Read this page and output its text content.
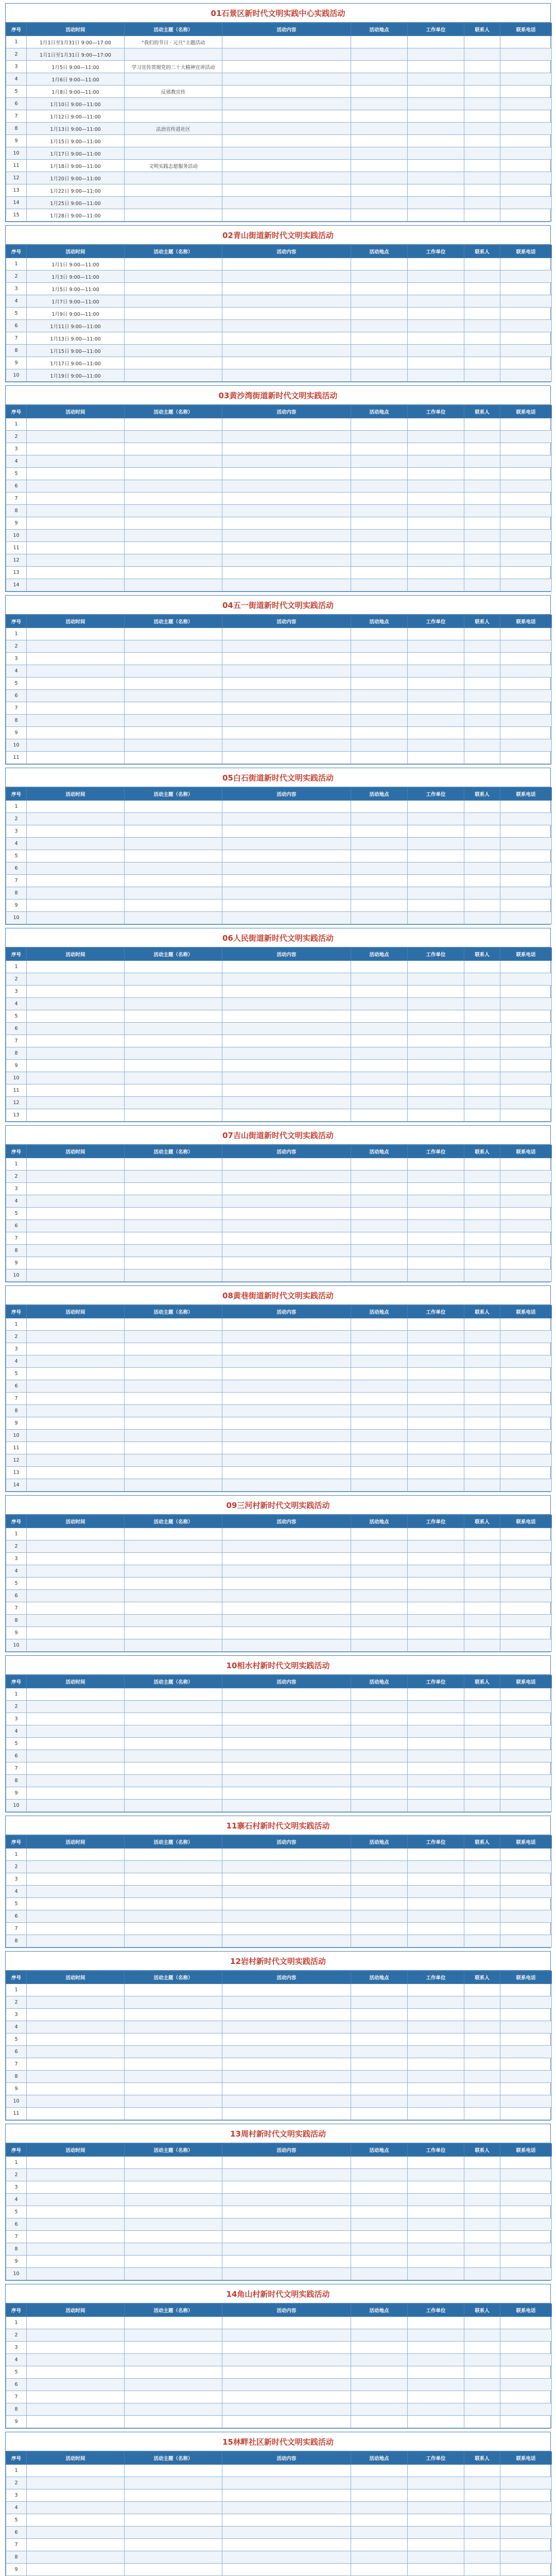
01石景区新时代文明实践中心实践活动
序号	活动时间	活动主题（名称）	活动内容	活动地点	工作单位	联系人	联系电话
1	1月1日至1月31日 9:00—17:00	“我们的节日 · 元旦”主题活动					
2	1月1日至1月31日 9:00—17:00						
3	1月5日 9:00—11:00	学习宣传贯彻党的二十大精神宣讲活动					
4	1月6日 9:00—11:00						
5	1月8日 9:00—11:00	反邪教宣传					
6	1月10日 9:00—11:00						
7	1月12日 9:00—11:00						
8	1月13日 9:00—11:00	法治宣传进社区					
9	1月15日 9:00—11:00						
10	1月17日 9:00—11:00						
11	1月18日 9:00—11:00	文明实践志愿服务活动					
12	1月20日 9:00—11:00						
13	1月22日 9:00—11:00						
14	1月25日 9:00—11:00						
15	1月28日 9:00—11:00						
02青山街道新时代文明实践活动
序号	活动时间	活动主题（名称）	活动内容	活动地点	工作单位	联系人	联系电话
1	1月1日 9:00—11:00						
2	1月3日 9:00—11:00						
3	1月5日 9:00—11:00						
4	1月7日 9:00—11:00						
5	1月9日 9:00—11:00						
6	1月11日 9:00—11:00						
7	1月13日 9:00—11:00						
8	1月15日 9:00—11:00						
9	1月17日 9:00—11:00						
10	1月19日 9:00—11:00						
03黄沙湾街道新时代文明实践活动
序号	活动时间	活动主题（名称）	活动内容	活动地点	工作单位	联系人	联系电话
1							
2							
3							
4							
5							
6							
7							
8							
9							
10							
11							
12							
13							
14							
04五一街道新时代文明实践活动
序号	活动时间	活动主题（名称）	活动内容	活动地点	工作单位	联系人	联系电话
1							
2							
3							
4							
5							
6							
7							
8							
9							
10							
11							
05白石街道新时代文明实践活动
序号	活动时间	活动主题（名称）	活动内容	活动地点	工作单位	联系人	联系电话
1							
2							
3							
4							
5							
6							
7							
8							
9							
10							
06人民街道新时代文明实践活动
序号	活动时间	活动主题（名称）	活动内容	活动地点	工作单位	联系人	联系电话
1							
2							
3							
4							
5							
6							
7							
8							
9							
10							
11							
12							
13							
07吉山街道新时代文明实践活动
序号	活动时间	活动主题（名称）	活动内容	活动地点	工作单位	联系人	联系电话
1							
2							
3							
4							
5							
6							
7							
8							
9							
10							
08黄巷街道新时代文明实践活动
序号	活动时间	活动主题（名称）	活动内容	活动地点	工作单位	联系人	联系电话
1							
2							
3							
4							
5							
6							
7							
8							
9							
10							
11							
12							
13							
14							
09三河村新时代文明实践活动
序号	活动时间	活动主题（名称）	活动内容	活动地点	工作单位	联系人	联系电话
1							
2							
3							
4							
5							
6							
7							
8							
9							
10							
10相水村新时代文明实践活动
序号	活动时间	活动主题（名称）	活动内容	活动地点	工作单位	联系人	联系电话
1							
2							
3							
4							
5							
6							
7							
8							
9							
10							
11寨石村新时代文明实践活动
序号	活动时间	活动主题（名称）	活动内容	活动地点	工作单位	联系人	联系电话
1							
2							
3							
4							
5							
6							
7							
8							
12岩村新时代文明实践活动
序号	活动时间	活动主题（名称）	活动内容	活动地点	工作单位	联系人	联系电话
1							
2							
3							
4							
5							
6							
7							
8							
9							
10							
11							
13周村新时代文明实践活动
序号	活动时间	活动主题（名称）	活动内容	活动地点	工作单位	联系人	联系电话
1							
2							
3							
4							
5							
6							
7							
8							
9							
10							
14角山村新时代文明实践活动
序号	活动时间	活动主题（名称）	活动内容	活动地点	工作单位	联系人	联系电话
1							
2							
3							
4							
5							
6							
7							
8							
9							
15林畔社区新时代文明实践活动
序号	活动时间	活动主题（名称）	活动内容	活动地点	工作单位	联系人	联系电话
1							
2							
3							
4							
5							
6							
7							
8							
9							
